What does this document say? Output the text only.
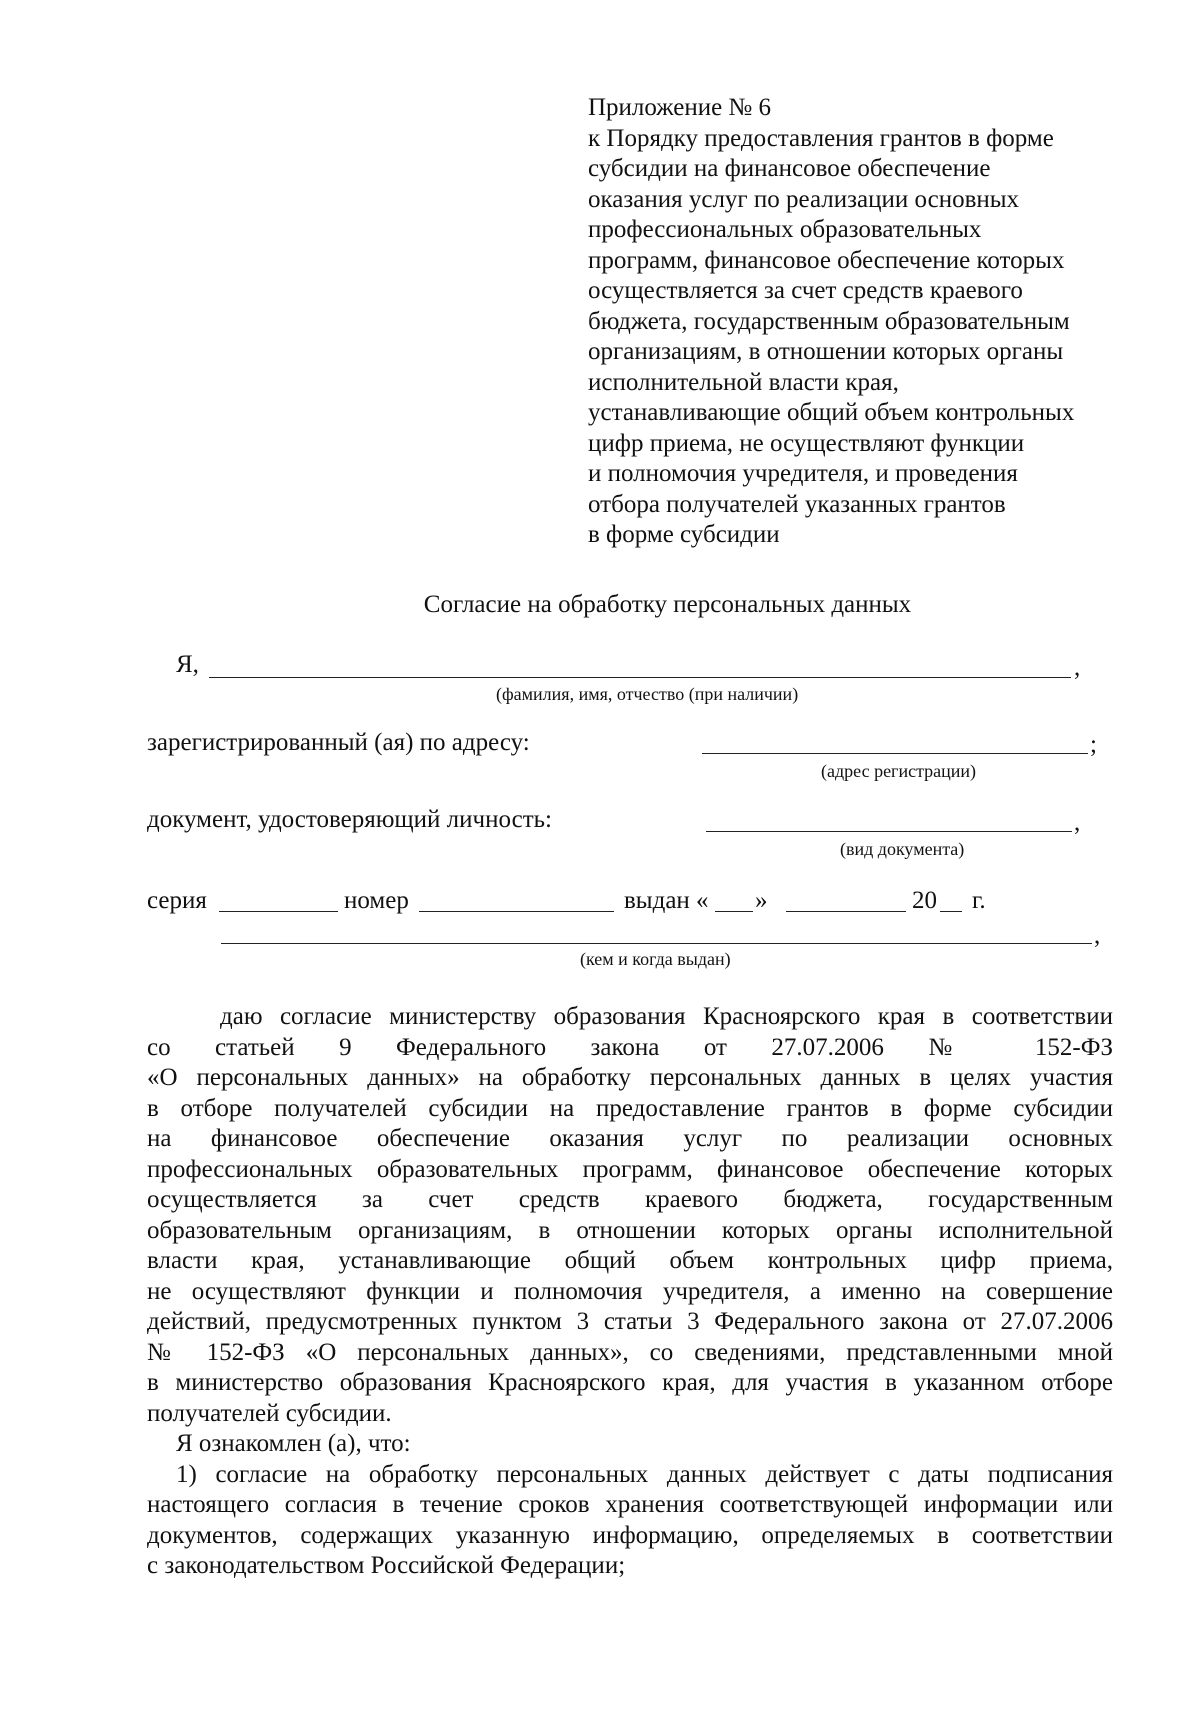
Приложение № 6
к Порядку предоставления грантов в форме
субсидии на финансовое обеспечение
оказания услуг по реализации основных
профессиональных образовательных
программ, финансовое обеспечение которых
осуществляется за счет средств краевого
бюджета, государственным образовательным
организациям, в отношении которых органы
исполнительной власти края,
устанавливающие общий объем контрольных
цифр приема, не осуществляют функции
и полномочия учредителя, и проведения
отбора получателей указанных грантов
в форме субсидии
Согласие на обработку персональных данных
Я,	,
(фамилия, имя, отчество (при наличии)
зарегистрированный (ая) по адресу:	;
(адрес регистрации)
документ, удостоверяющий личность:	,
(вид документа)
серия	номер	выдан « »	20 г.
,
(кем и когда выдан)
даю согласие министерству образования Красноярского края в соответствии
со статьей 9 Федерального закона от 27.07.2006 № 152-ФЗ
«О персональных данных» на обработку персональных данных в целях участия
в отборе получателей субсидии на предоставление грантов в форме субсидии
на финансовое обеспечение оказания услуг по реализации основных
профессиональных образовательных программ, финансовое обеспечение которых
осуществляется за счет средств краевого бюджета, государственным
образовательным организациям, в отношении которых органы исполнительной
власти края, устанавливающие общий объем контрольных цифр приема,
не осуществляют функции и полномочия учредителя, а именно на совершение
действий, предусмотренных пунктом 3 статьи 3 Федерального закона от 27.07.2006
№ 152-ФЗ «О персональных данных», со сведениями, представленными мной
в министерство образования Красноярского края, для участия в указанном отборе
получателей субсидии.
Я ознакомлен (а), что:
1) согласие на обработку персональных данных действует с даты подписания
настоящего согласия в течение сроков хранения соответствующей информации или
документов, содержащих указанную информацию, определяемых в соответствии
с законодательством Российской Федерации;
